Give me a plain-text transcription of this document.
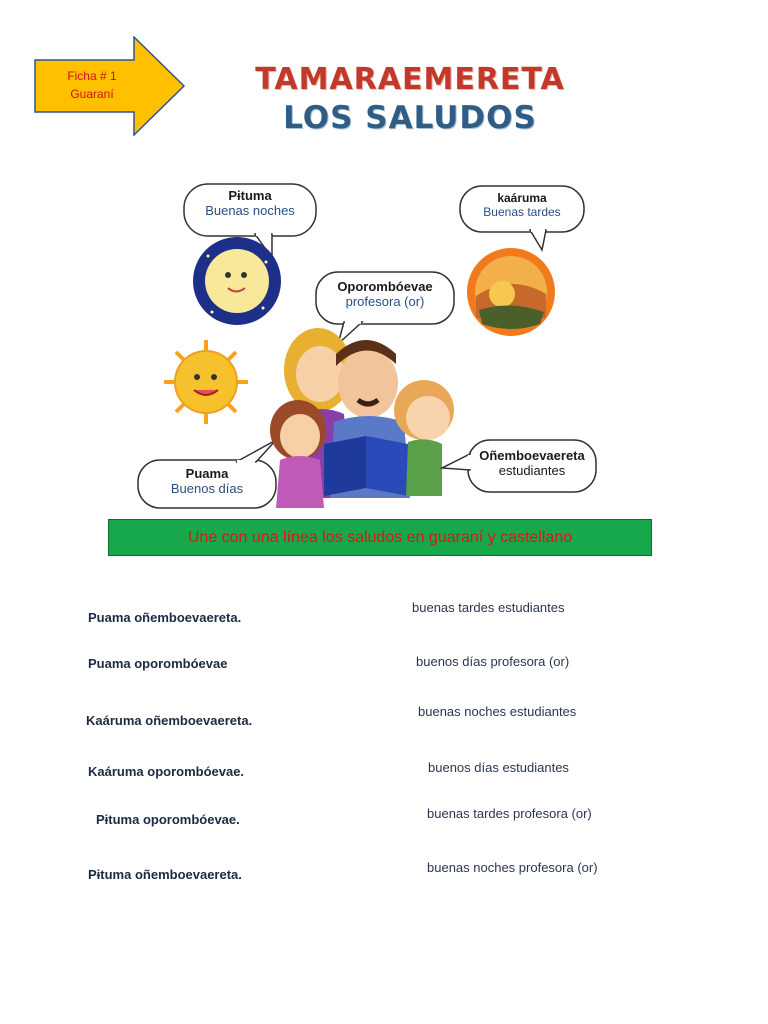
Ficha # 1
Guaraní	TAMARAEMERETA
LOS SALUDOS
Pɨtuma
Buenas noches
kaáruma
Buenas tardes
Oporombóevae
profesora (or)
Puama
Buenos días
Oñemboevaereta
estudiantes
Une con una línea los saludos en guaraní y castellano
Puama oñemboevaereta.
Puama oporombóevae
Kaáruma oñemboevaereta.
Kaáruma oporombóevae.
Pɨtuma oporombóevae.
Pɨtuma oñemboevaereta.
buenas tardes estudiantes
buenos días profesora (or)
buenas noches estudiantes
buenos días estudiantes
buenas tardes profesora (or)
buenas noches profesora (or)
